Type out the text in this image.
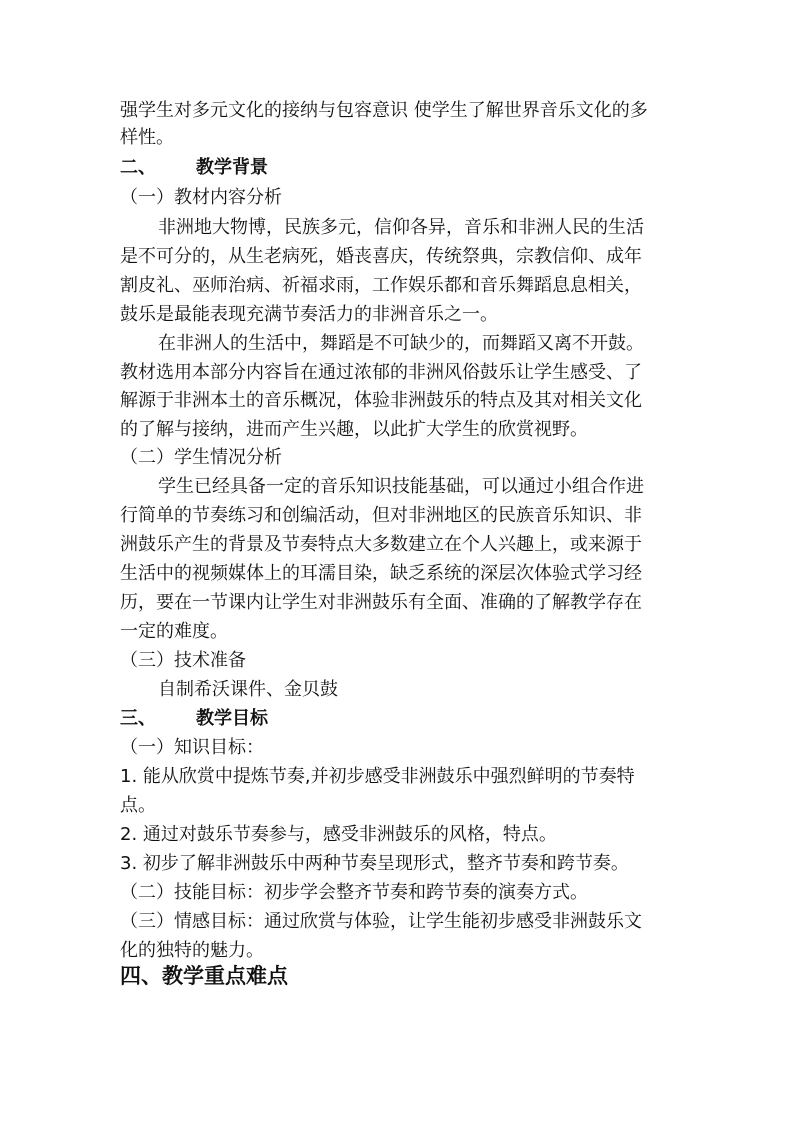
强学生对多元文化的接纳与包容意识 使学生了解世界音乐文化的多

样性。

二、 教学背景

（一）教材内容分析

非洲地大物博，民族多元，信仰各异，音乐和非洲人民的生活

是不可分的，从生老病死，婚丧喜庆，传统祭典，宗教信仰、成年

割皮礼、巫师治病、祈福求雨，工作娱乐都和音乐舞蹈息息相关，

鼓乐是最能表现充满节奏活力的非洲音乐之一。

在非洲人的生活中，舞蹈是不可缺少的，而舞蹈又离不开鼓。

教材选用本部分内容旨在通过浓郁的非洲风俗鼓乐让学生感受、了

解源于非洲本土的音乐概况，体验非洲鼓乐的特点及其对相关文化

的了解与接纳，进而产生兴趣，以此扩大学生的欣赏视野。

（二）学生情况分析

学生已经具备一定的音乐知识技能基础，可以通过小组合作进

行简单的节奏练习和创编活动，但对非洲地区的民族音乐知识、非

洲鼓乐产生的背景及节奏特点大多数建立在个人兴趣上，或来源于

生活中的视频媒体上的耳濡目染，缺乏系统的深层次体验式学习经

历，要在一节课内让学生对非洲鼓乐有全面、准确的了解教学存在

一定的难度。

（三）技术准备

自制希沃课件、金贝鼓

三、 教学目标

（一）知识目标：

1. 能从欣赏中提炼节奏,并初步感受非洲鼓乐中强烈鲜明的节奏特

点。

2. 通过对鼓乐节奏参与，感受非洲鼓乐的风格，特点。

3. 初步了解非洲鼓乐中两种节奏呈现形式，整齐节奏和跨节奏。

（二）技能目标：初步学会整齐节奏和跨节奏的演奏方式。

（三）情感目标：通过欣赏与体验，让学生能初步感受非洲鼓乐文

化的独特的魅力。

四、教学重点难点
